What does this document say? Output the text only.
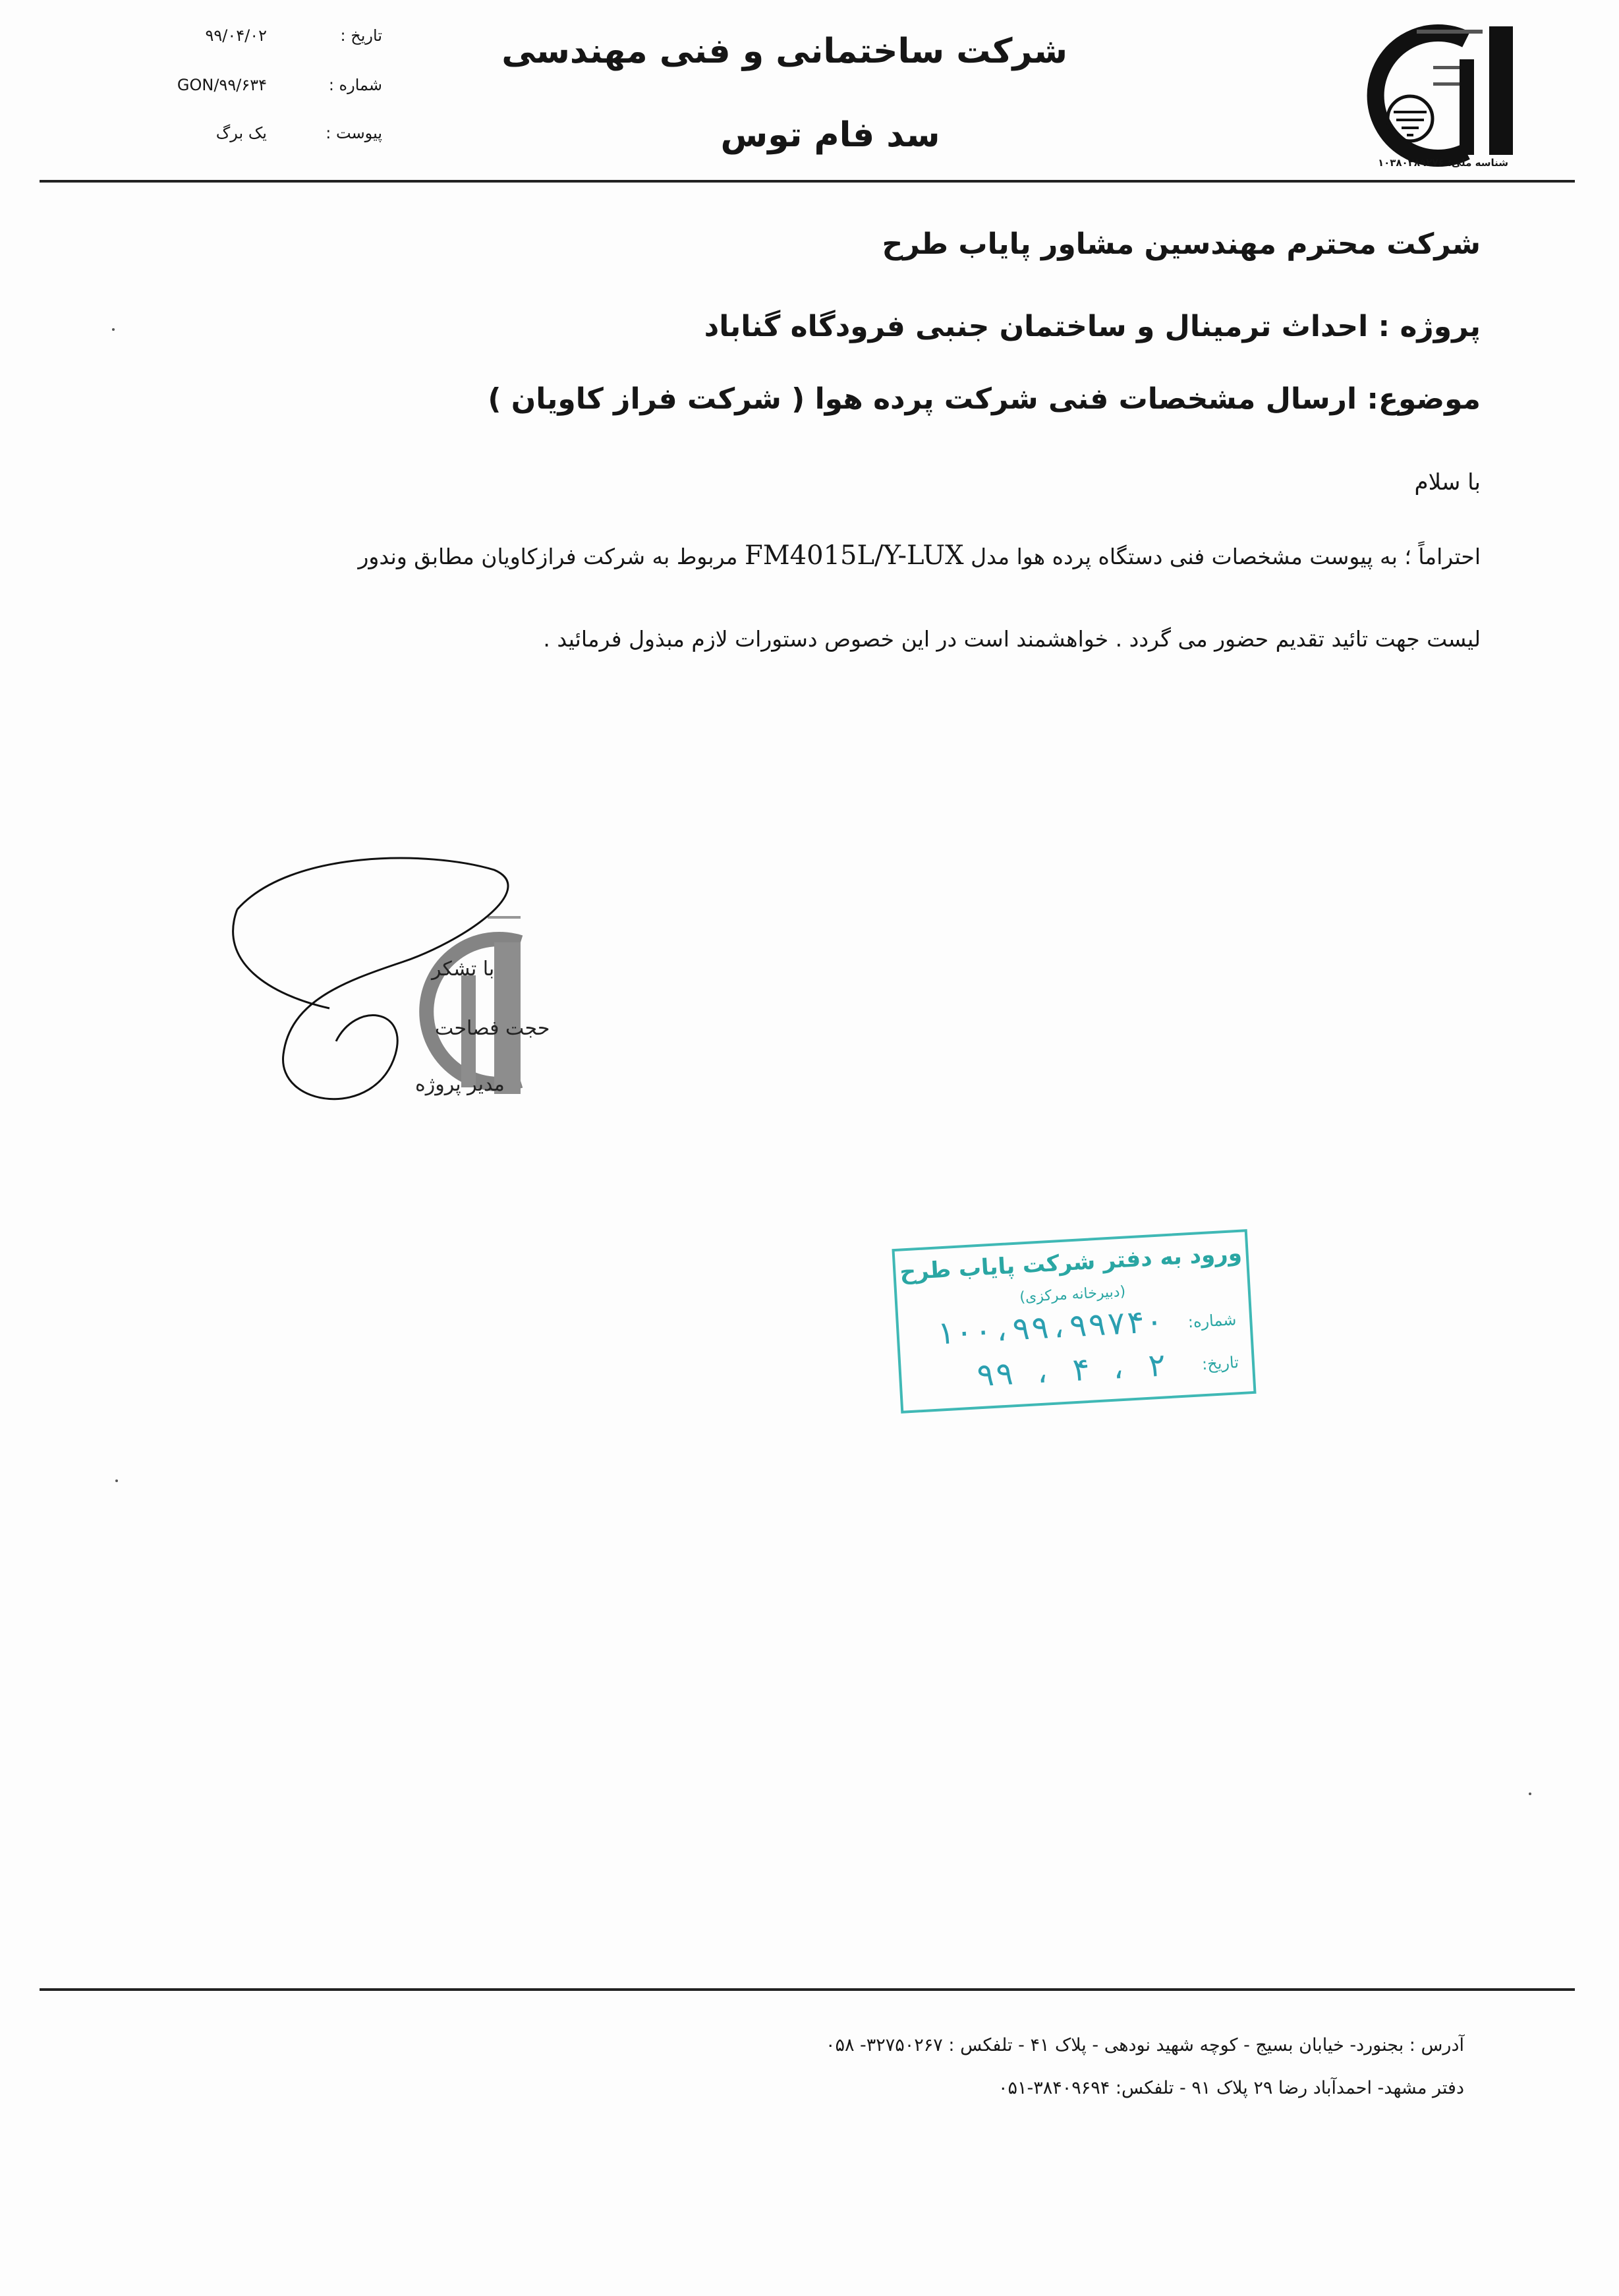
شناسه ملی: ۱۰۳۸۰۲۸۹۲۷۶
شرکت ساختمانی و فنی مهندسی
سد فام توس
تاریخ :
۹۹/۰۴/۰۲
شماره :
GON/۹۹/۶۳۴
پیوست :
یک برگ
شرکت محترم مهندسین مشاور پایاب طرح
پروژه : احداث ترمینال و ساختمان جنبی فرودگاه گناباد
موضوع: ارسال مشخصات فنی شرکت پرده هوا ( شرکت فراز کاویان )
با سلام
احتراماً ؛ به پیوست مشخصات فنی دستگاه پرده هوا مدل FM4015L/Y-LUX مربوط به شرکت فرازکاویان مطابق وندور
لیست جهت تائید تقدیم حضور می گردد . خواهشمند است در این خصوص دستورات لازم مبذول فرمائید .
با تشکر
حجت فصاحت
مدیر پروژه
ورود به دفتر شرکت پایاب طرح
(دبیرخانه مرکزی)
شماره:
۱۰۰،۹۹،۹۹۷۴۰
تاریخ:
۹۹ ، ۴ ، ۲
آدرس : بجنورد- خیابان بسیج - کوچه شهید نودهی - پلاک ۴۱ - تلفکس : ۳۲۷۵۰۲۶۷- ۰۵۸
دفتر مشهد- احمدآباد رضا ۲۹ پلاک ۹۱ - تلفکس: ۳۸۴۰۹۶۹۴-۰۵۱
